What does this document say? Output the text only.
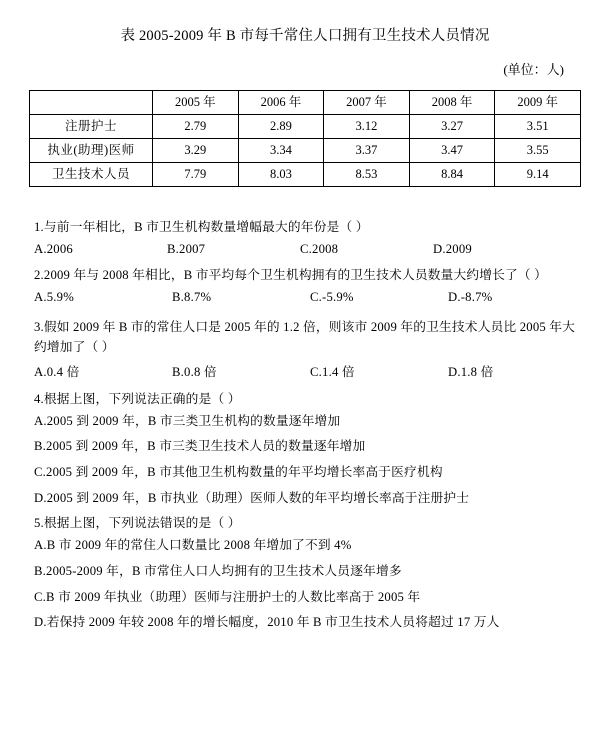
表 2005-2009 年 B 市每千常住人口拥有卫生技术人员情况
(单位：人)
	2005 年	2006 年	2007 年	2008 年	2009 年
注册护士	2.79	2.89	3.12	3.27	3.51
执业(助理)医师	3.29	3.34	3.37	3.47	3.55
卫生技术人员	7.79	8.03	8.53	8.84	9.14
1.与前一年相比，B 市卫生机构数量增幅最大的年份是（ ）
A.2006	B.2007	C.2008	D.2009
2.2009 年与 2008 年相比，B 市平均每个卫生机构拥有的卫生技术人员数量大约增长了（ ）
A.5.9%	B.8.7%	C.-5.9%	D.-8.7%
3.假如 2009 年 B 市的常住人口是 2005 年的 1.2 倍，则该市 2009 年的卫生技术人员比 2005 年大约增加了（ ）
A.0.4 倍	B.0.8 倍	C.1.4 倍	D.1.8 倍
4.根据上图，下列说法正确的是（ ）
A.2005 到 2009 年，B 市三类卫生机构的数量逐年增加
B.2005 到 2009 年，B 市三类卫生技术人员的数量逐年增加
C.2005 到 2009 年，B 市其他卫生机构数量的年平均增长率高于医疗机构
D.2005 到 2009 年，B 市执业（助理）医师人数的年平均增长率高于注册护士
5.根据上图，下列说法错误的是（ ）
A.B 市 2009 年的常住人口数量比 2008 年增加了不到 4%
B.2005-2009 年，B 市常住人口人均拥有的卫生技术人员逐年增多
C.B 市 2009 年执业（助理）医师与注册护士的人数比率高于 2005 年
D.若保持 2009 年较 2008 年的增长幅度，2010 年 B 市卫生技术人员将超过 17 万人
